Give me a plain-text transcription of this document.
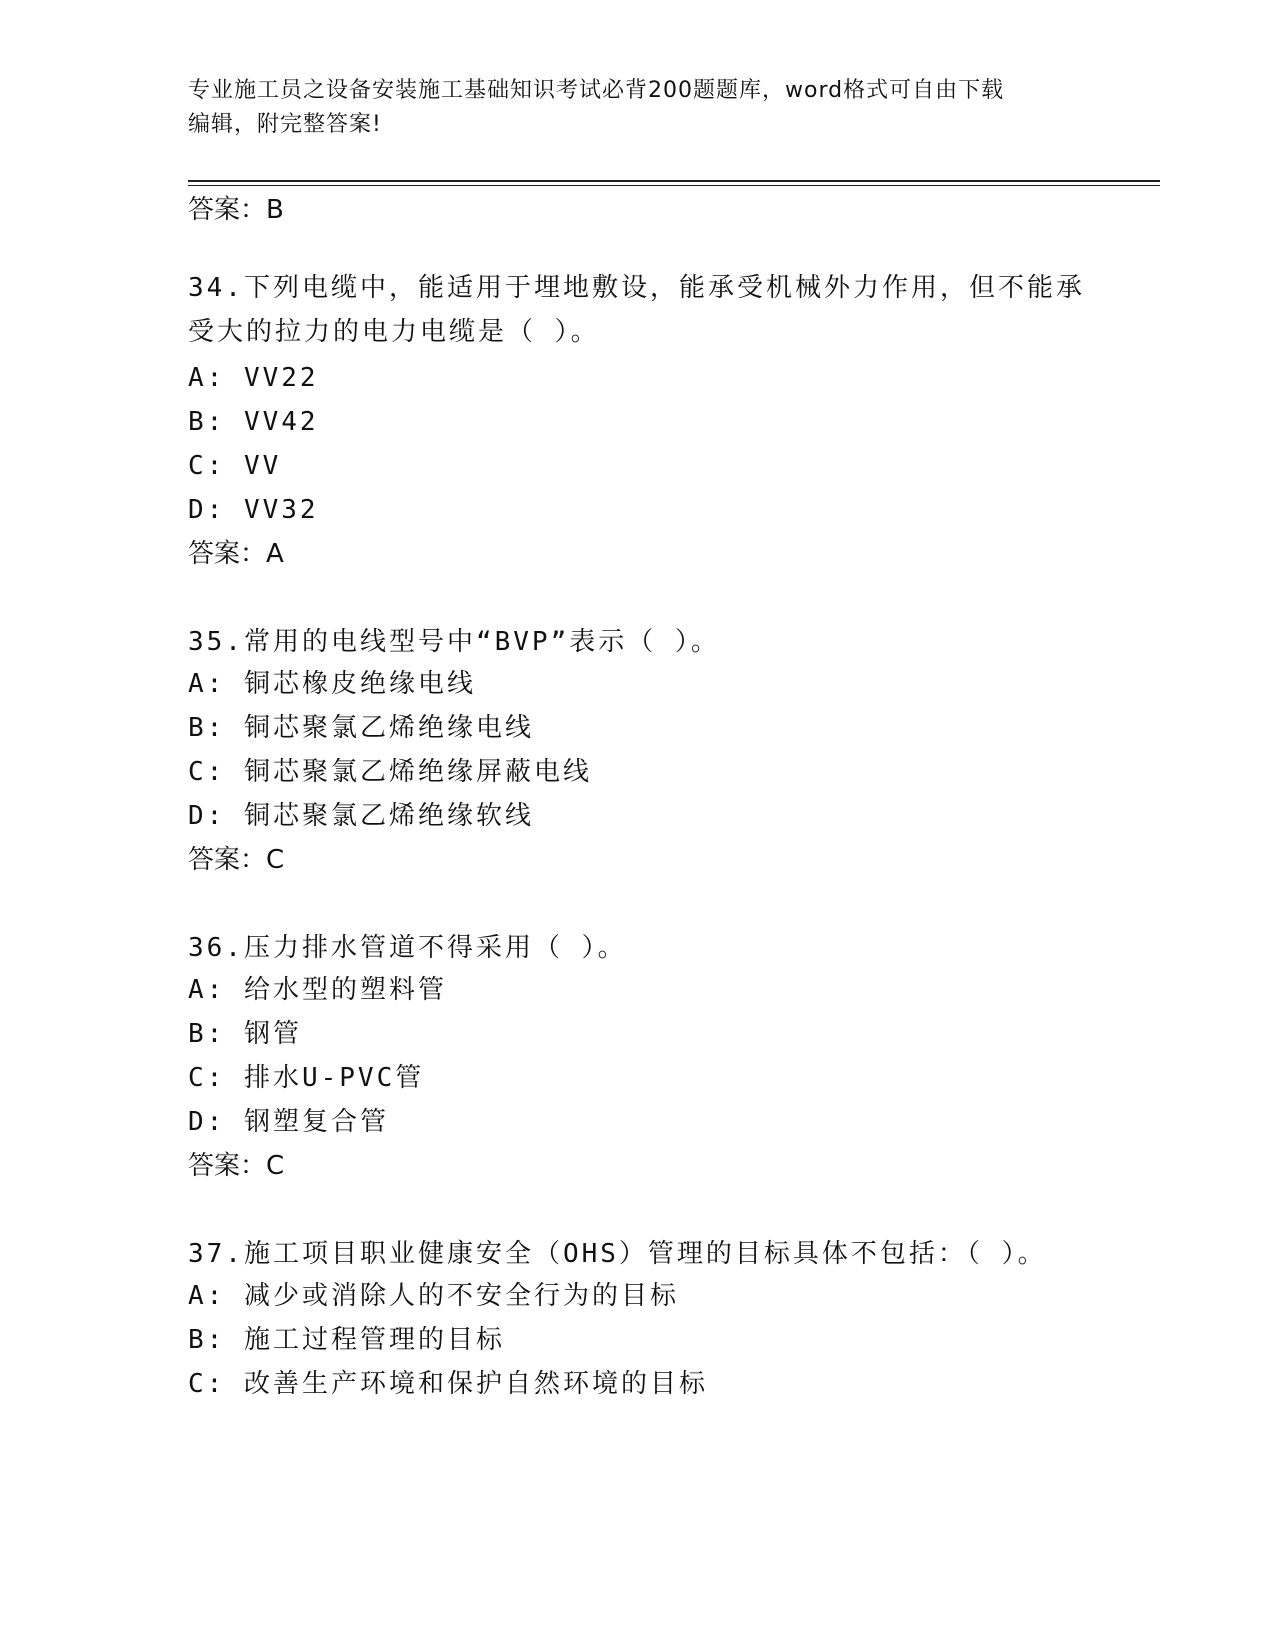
专业施工员之设备安装施工基础知识考试必背200题题库，word格式可自由下载
编辑，附完整答案!
答案：B
34.下列电缆中，能适用于埋地敷设，能承受机械外力作用，但不能承受大的拉力的电力电缆是（ ）。
A: VV22
B: VV42
C: VV
D: VV32
答案：A
35.常用的电线型号中“BVP”表示（ ）。
A: 铜芯橡皮绝缘电线
B: 铜芯聚氯乙烯绝缘电线
C: 铜芯聚氯乙烯绝缘屏蔽电线
D: 铜芯聚氯乙烯绝缘软线
答案：C
36.压力排水管道不得采用（ ）。
A: 给水型的塑料管
B: 钢管
C: 排水U-PVC管
D: 钢塑复合管
答案：C
37.施工项目职业健康安全（OHS）管理的目标具体不包括：（ ）。
A: 减少或消除人的不安全行为的目标
B: 施工过程管理的目标
C: 改善生产环境和保护自然环境的目标
